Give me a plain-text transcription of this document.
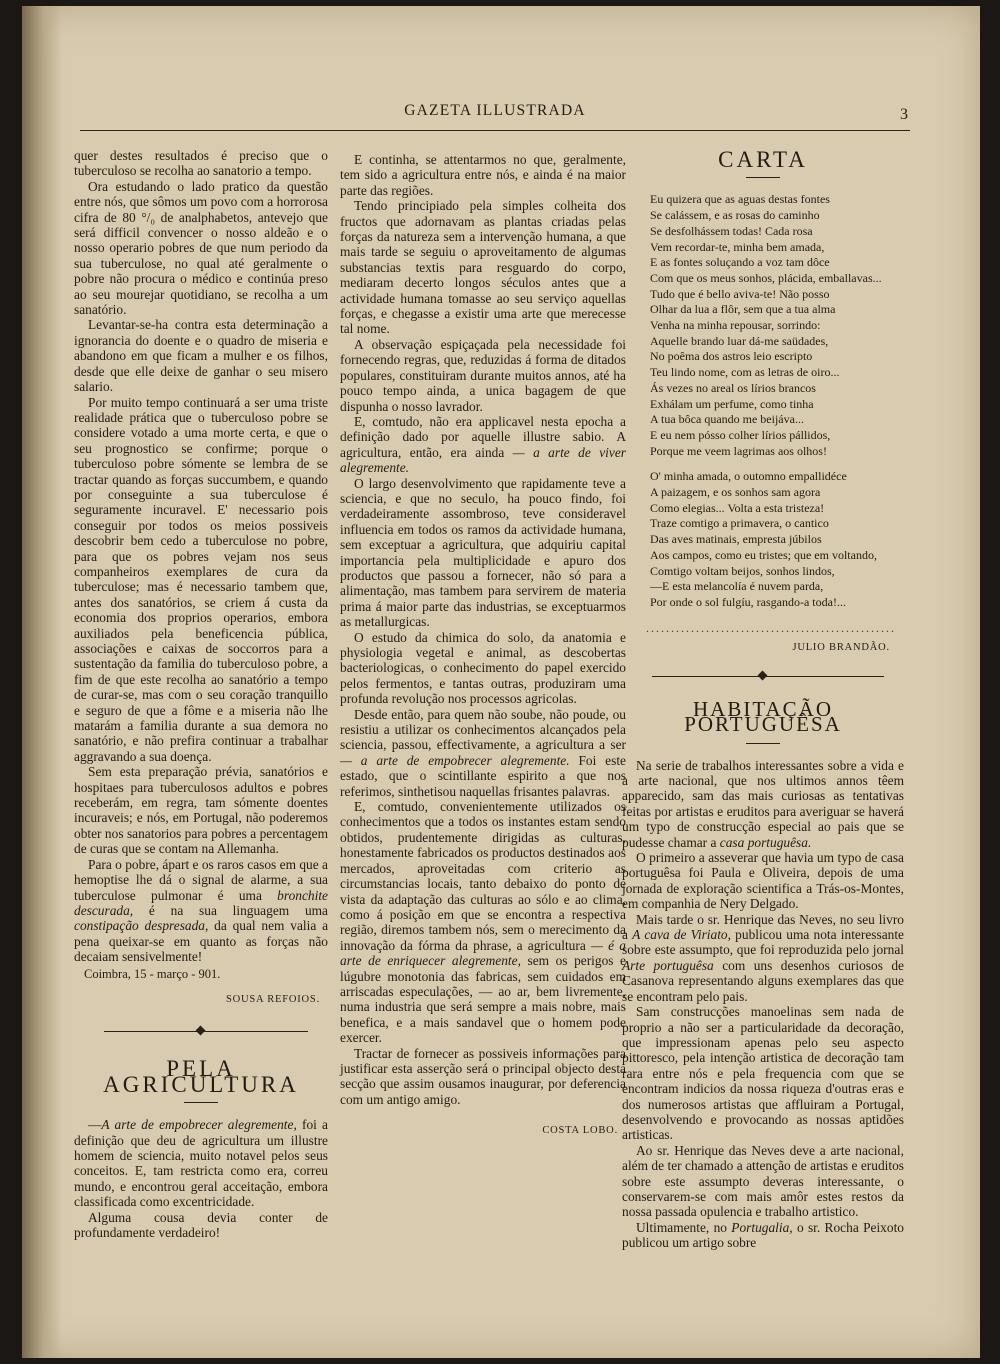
GAZETA ILLUSTRADA	3

quer destes resultados é preciso que o tuberculoso se recolha ao sanatorio a tempo.

Ora estudando o lado pratico da questão entre nós, que sômos um povo com a horrorosa cifra de 80 °/₀ de analphabetos, antevejo que será difficil convencer o nosso aldeão e o nosso operario pobres de que num periodo da sua tuberculose, no qual até geralmente o pobre não procura o médico e continúa preso ao seu mourejar quotidiano, se recolha a um sanatório.

Levantar-se-ha contra esta determinação a ignorancia do doente e o quadro de miseria e abandono em que ficam a mulher e os filhos, desde que elle deixe de ganhar o seu misero salario.

Por muito tempo continuará a ser uma triste realidade prática que o tuberculoso pobre se considere votado a uma morte certa, e que o seu prognostico se confirme; porque o tuberculoso pobre sómente se lembra de se tractar quando as forças succumbem, e quando por conseguinte a sua tuberculose é seguramente incuravel. E' necessario pois conseguir por todos os meios possiveis descobrir bem cedo a tuberculose no pobre, para que os pobres vejam nos seus companheiros exemplares de cura da tuberculose; mas é necessario tambem que, antes dos sanatórios, se criem á custa da economia dos proprios operarios, embora auxiliados pela beneficencia pública, associações e caixas de soccorros para a sustentação da familia do tuberculoso pobre, a fim de que este recolha ao sanatório a tempo de curar-se, mas com o seu coração tranquillo e seguro de que a fôme e a miseria não lhe matarám a familia durante a sua demora no sanatório, e não prefira continuar a trabalhar aggravando a sua doença.

Sem esta preparação prévia, sanatórios e hospitaes para tuberculosos adultos e pobres receberám, em regra, tam sómente doentes incuraveis; e nós, em Portugal, não poderemos obter nos sanatorios para pobres a percentagem de curas que se contam na Allemanha.

Para o pobre, ápart e os raros casos em que a hemoptise lhe dá o signal de alarme, a sua tuberculose pulmonar é uma bronchite descurada, é na sua linguagem uma constipação despresada, da qual nem valia a pena queixar-se em quanto as forças não decaiam sensivelmente!

Coimbra, 15 - março - 901.

SOUSA REFOIOS.
PELA AGRICULTURA

—A arte de empobrecer alegremente, foi a definição que deu de agricultura um illustre homem de sciencia, muito notavel pelos seus conceitos. E, tam restricta como era, correu mundo, e encontrou geral acceitação, embora classificada como excentricidade.

Alguma cousa devia conter de profundamente verdadeiro!

E continha, se attentarmos no que, geralmente, tem sido a agricultura entre nós, e ainda é na maior parte das regiões.

Tendo principiado pela simples colheita dos fructos que adornavam as plantas criadas pelas forças da natureza sem a intervenção humana, a que mais tarde se seguiu o aproveitamento de algumas substancias textis para resguardo do corpo, mediaram decerto longos séculos antes que a actividade humana tomasse ao seu serviço aquellas forças, e chegasse a existir uma arte que merecesse tal nome.

A observação espiçaçada pela necessidade foi fornecendo regras, que, reduzidas á forma de ditados populares, constituiram durante muitos annos, até ha pouco tempo ainda, a unica bagagem de que dispunha o nosso lavrador.

E, comtudo, não era applicavel nesta epocha a definição dado por aquelle illustre sabio. A agricultura, então, era ainda — a arte de viver alegremente.

O largo desenvolvimento que rapidamente teve a sciencia, e que no seculo, ha pouco findo, foi verdadeiramente assombroso, teve consideravel influencia em todos os ramos da actividade humana, sem exceptuar a agricultura, que adquiriu capital importancia pela multiplicidade e apuro dos productos que passou a fornecer, não só para a alimentação, mas tambem para servirem de materia prima á maior parte das industrias, se exceptuarmos as metallurgicas.

O estudo da chimica do solo, da anatomia e physiologia vegetal e animal, as descobertas bacteriologicas, o conhecimento do papel exercido pelos fermentos, e tantas outras, produziram uma profunda revolução nos processos agricolas.

Desde então, para quem não soube, não poude, ou resistiu a utilizar os conhecimentos alcançados pela sciencia, passou, effectivamente, a agricultura a ser— a arte de empobrecer alegremente. Foi este estado, que o scintillante espirito a que nos referimos, sinthetisou naquellas frisantes palavras.

E, comtudo, convenientemente utilizados os conhecimentos que a todos os instantes estam sendo obtidos, prudentemente dirigidas as culturas, honestamente fabricados os productos destinados aos mercados, aproveitadas com criterio as circumstancias locais, tanto debaixo do ponto de vista da adaptação das culturas ao sólo e ao clima, como á posição em que se encontra a respectiva região, diremos tambem nós, sem o merecimento da innovação da fórma da phrase, a agricultura — é a arte de enriquecer alegremente, sem os perigos e lúgubre monotonia das fabricas, sem cuidados em arriscadas especulações, — ao ar, bem livremente, numa industria que será sempre a mais nobre, mais benefica, e a mais sandavel que o homem pode exercer.

Tractar de fornecer as possiveis informações para justificar esta asserção será o principal objecto desta secção que assim ousamos inaugurar, por deferencia com um antigo amigo.

COSTA LOBO.
CARTA
Eu quizera que as aguas destas fontes
Se calássem, e as rosas do caminho
Se desfolhássem todas! Cada rosa
Vem recordar-te, minha bem amada,
E as fontes soluçando a voz tam dôce
Com que os meus sonhos, plácida, emballavas...
Tudo que é bello aviva-te! Não posso
Olhar da lua a flôr, sem que a tua alma
Venha na minha repousar, sorrindo:
Aquelle brando luar dá-me saüdades,
No poêma dos astros leio escripto
Teu lindo nome, com as letras de oiro...
Ás vezes no areal os lírios brancos
Exhálam um perfume, como tinha
A tua bôca quando me beijáva...
E eu nem pósso colher lírios pállidos,
Porque me veem lagrimas aos olhos!
O' minha amada, o outomno empallidéce
A paizagem, e os sonhos sam agora
Como elegias... Volta a esta tristeza!
Traze comtigo a primavera, o cantico
Das aves matinais, empresta júbilos
Aos campos, como eu tristes; que em voltando,
Comtigo voltam beijos, sonhos lindos,
—E esta melancolía é nuvem parda,
Por onde o sol fulgíu, rasgando-a toda!...
..................................................
JULIO BRANDÃO.
HABITAÇÃO PORTUGUÊSA

Na serie de trabalhos interessantes sobre a vida e a arte nacional, que nos ultimos annos têem apparecido, sam das mais curiosas as tentativas feitas por artistas e eruditos para averiguar se haverá um typo de construcção especial ao pais que se pudesse chamar a casa portuguêsa.

O primeiro a asseverar que havia um typo de casa portuguêsa foi Paula e Oliveira, depois de uma jornada de exploração scientifica a Trás-os-Montes, em companhia de Nery Delgado.

Mais tarde o sr. Henrique das Neves, no seu livro a A cava de Viriato, publicou uma nota interessante sobre este assumpto, que foi reproduzida pelo jornal Arte portuguêsa com uns desenhos curiosos de Casanova representando alguns exemplares das que se encontram pelo pais.

Sam construcções manoelinas sem nada de proprio a não ser a particularidade da decoração, que impressionam apenas pelo seu aspecto pittoresco, pela intenção artistica de decoração tam rara entre nós e pela frequencia com que se encontram indicios da nossa riqueza d'outras eras e dos numerosos artistas que affluiram a Portugal, desenvolvendo e provocando as nossas aptidões artisticas.

Ao sr. Henrique das Neves deve a arte nacional, além de ter chamado a attenção de artistas e eruditos sobre este assumpto deveras interessante, o conservarem-se com mais amôr estes restos da nossa passada opulencia e trabalho artistico.

Ultimamente, no Portugalia, o sr. Rocha Peixoto publicou um artigo sobre
